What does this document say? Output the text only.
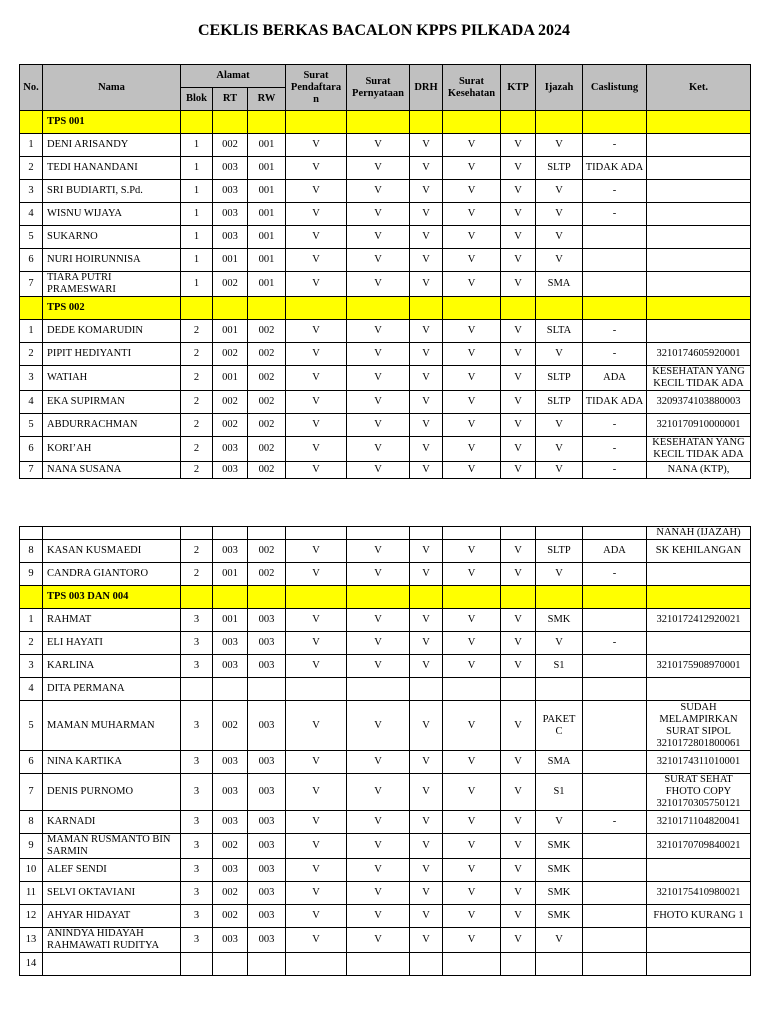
CEKLIS BERKAS BACALON KPPS PILKADA 2024
No.	Nama	Alamat			Surat Pendaftara n	Surat Pernyataan	DRH	Surat Kesehatan	KTP	Ijazah	Caslistung	Ket.
		Blok	RT	RW								
	TPS 001											
1	DENI ARISANDY	1	002	001	V	V	V	V	V	V	-	
2	TEDI HANANDANI	1	003	001	V	V	V	V	V	SLTP	TIDAK ADA	
3	SRI BUDIARTI, S.Pd.	1	003	001	V	V	V	V	V	V	-	
4	WISNU WIJAYA	1	003	001	V	V	V	V	V	V	-	
5	SUKARNO	1	003	001	V	V	V	V	V	V		
6	NURI HOIRUNNISA	1	001	001	V	V	V	V	V	V		
7	TIARA PUTRI PRAMESWARI	1	002	001	V	V	V	V	V	SMA		
	TPS 002											
1	DEDE KOMARUDIN	2	001	002	V	V	V	V	V	SLTA	-	
2	PIPIT HEDIYANTI	2	002	002	V	V	V	V	V	V	-	3210174605920001
3	WATIAH	2	001	002	V	V	V	V	V	SLTP	ADA	KESEHATAN YANG KECIL TIDAK ADA
4	EKA SUPIRMAN	2	002	002	V	V	V	V	V	SLTP	TIDAK ADA	3209374103880003
5	ABDURRACHMAN	2	002	002	V	V	V	V	V	V	-	3210170910000001
6	KORI’AH	2	003	002	V	V	V	V	V	V	-	KESEHATAN YANG KECIL TIDAK ADA
7	NANA SUSANA	2	003	002	V	V	V	V	V	V	-	NANA (KTP),
												NANAH (IJAZAH)
8	KASAN KUSMAEDI	2	003	002	V	V	V	V	V	SLTP	ADA	SK KEHILANGAN
9	CANDRA GIANTORO	2	001	002	V	V	V	V	V	V	-	
	TPS 003 DAN 004											
1	RAHMAT	3	001	003	V	V	V	V	V	SMK		3210172412920021
2	ELI HAYATI	3	003	003	V	V	V	V	V	V	-	
3	KARLINA	3	003	003	V	V	V	V	V	S1		3210175908970001
4	DITA PERMANA											
5	MAMAN MUHARMAN	3	002	003	V	V	V	V	V	PAKET C		SUDAH MELAMPIRKAN SURAT SIPOL 3210172801800061
6	NINA KARTIKA	3	003	003	V	V	V	V	V	SMA		3210174311010001
7	DENIS PURNOMO	3	003	003	V	V	V	V	V	S1		SURAT SEHAT FHOTO COPY 3210170305750121
8	KARNADI	3	003	003	V	V	V	V	V	V	-	3210171104820041
9	MAMAN RUSMANTO BIN SARMIN	3	002	003	V	V	V	V	V	SMK		3210170709840021
10	ALEF SENDI	3	003	003	V	V	V	V	V	SMK		
11	SELVI OKTAVIANI	3	002	003	V	V	V	V	V	SMK		3210175410980021
12	AHYAR HIDAYAT	3	002	003	V	V	V	V	V	SMK		FHOTO KURANG 1
13	ANINDYA HIDAYAH RAHMAWATI RUDITYA	3	003	003	V	V	V	V	V	V		
14												
